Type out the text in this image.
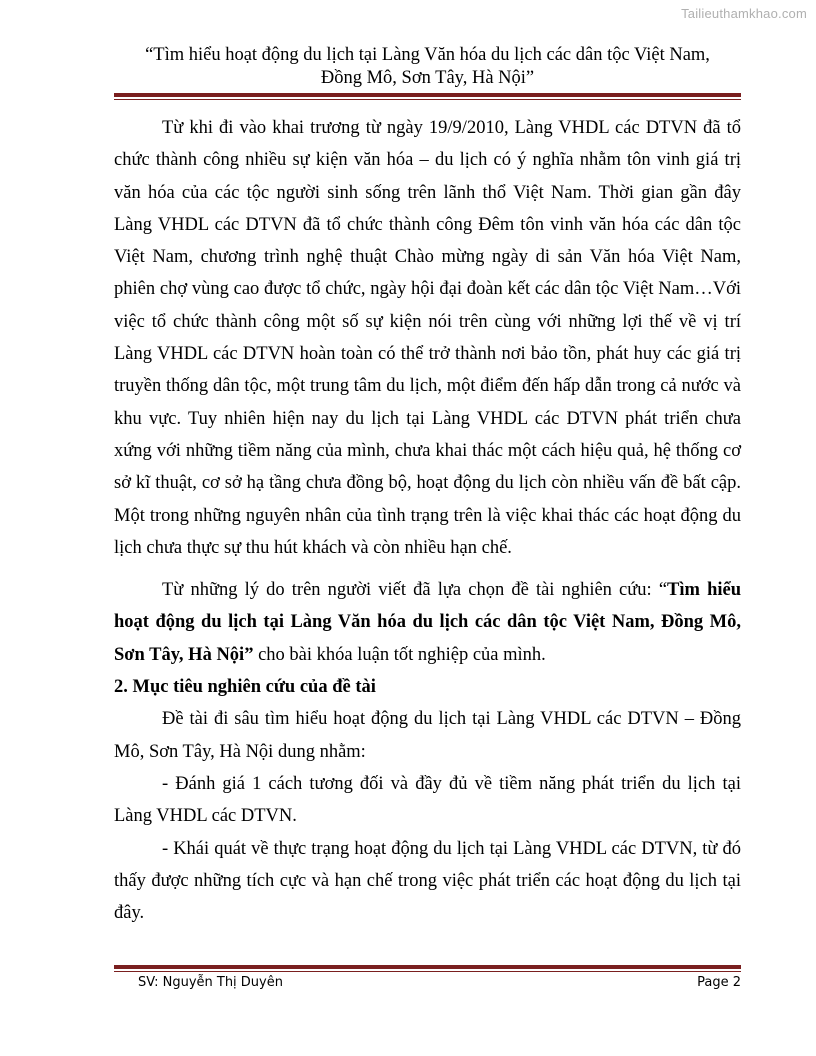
Tailieuthamkhao.com
“Tìm hiểu hoạt động du lịch tại Làng Văn hóa du lịch các dân tộc Việt Nam,
Đồng Mô, Sơn Tây, Hà Nội”

Từ khi đi vào khai trương từ ngày 19/9/2010, Làng VHDL các DTVN đã tổ chức thành công nhiều sự kiện văn hóa – du lịch có ý nghĩa nhằm tôn vinh giá trị văn hóa của các tộc người sinh sống trên lãnh thổ Việt Nam. Thời gian gần đây Làng VHDL các DTVN đã tổ chức thành công Đêm tôn vinh văn hóa các dân tộc Việt Nam, chương trình nghệ thuật Chào mừng ngày di sản Văn hóa Việt Nam, phiên chợ vùng cao được tổ chức, ngày hội đại đoàn kết các dân tộc Việt Nam…Với việc tổ chức thành công một số sự kiện nói trên cùng với những lợi thế về vị trí Làng VHDL các DTVN hoàn toàn có thể trở thành nơi bảo tồn, phát huy các giá trị truyền thống dân tộc, một trung tâm du lịch, một điểm đến hấp dẫn trong cả nước và khu vực. Tuy nhiên hiện nay du lịch tại Làng VHDL các DTVN phát triển chưa xứng với những tiềm năng của mình, chưa khai thác một cách hiệu quả, hệ thống cơ sở kĩ thuật, cơ sở hạ tầng chưa đồng bộ, hoạt động du lịch còn nhiều vấn đề bất cập. Một trong những nguyên nhân của tình trạng trên là việc khai thác các hoạt động du lịch chưa thực sự thu hút khách và còn nhiều hạn chế.

Từ những lý do trên người viết đã lựa chọn đề tài nghiên cứu: “Tìm hiểu hoạt động du lịch tại Làng Văn hóa du lịch các dân tộc Việt Nam, Đồng Mô, Sơn Tây, Hà Nội” cho bài khóa luận tốt nghiệp của mình.

2. Mục tiêu nghiên cứu của đề tài

Đề tài đi sâu tìm hiểu hoạt động du lịch tại Làng VHDL các DTVN – Đồng Mô, Sơn Tây, Hà Nội dung nhằm:

- Đánh giá 1 cách tương đối và đầy đủ về tiềm năng phát triển du lịch tại Làng VHDL các DTVN.

- Khái quát về thực trạng hoạt động du lịch tại Làng VHDL các DTVN, từ đó thấy được những tích cực và hạn chế trong việc phát triển các hoạt động du lịch tại đây.

SV: Nguyễn Thị Duyên	Page 2
